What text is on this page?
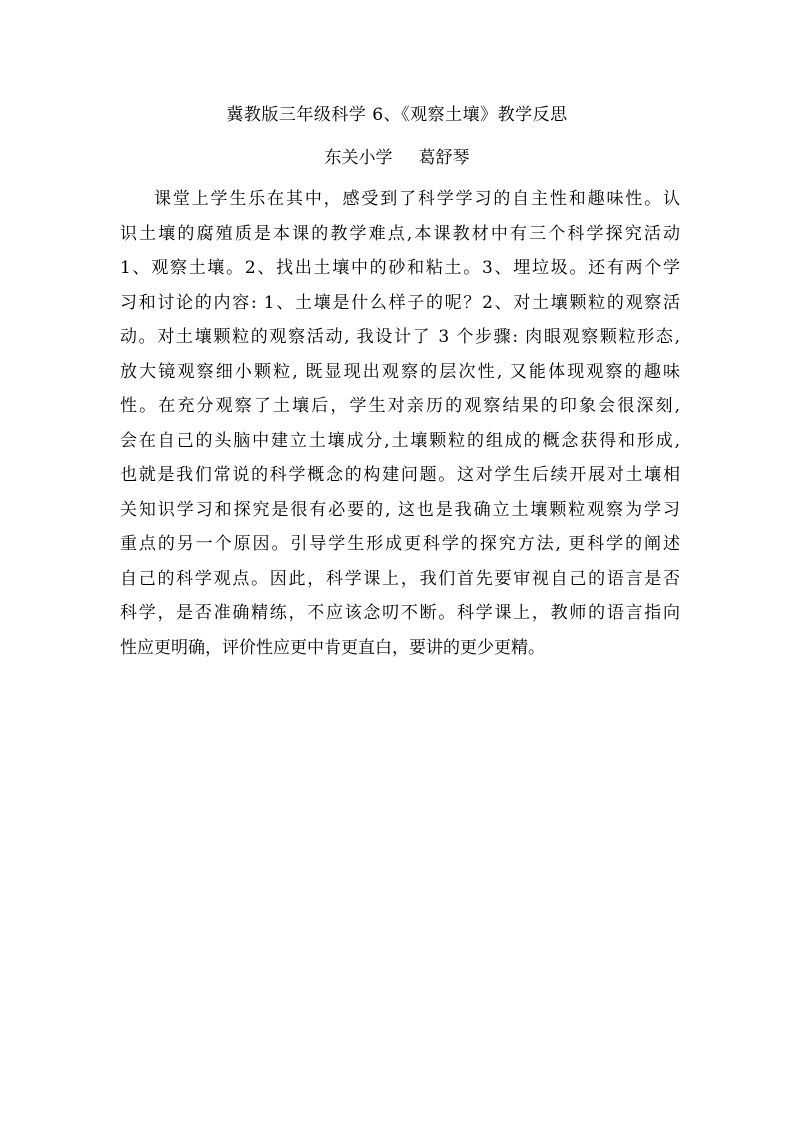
冀教版三年级科学 6、《观察土壤》教学反思
东关小学 葛舒琴
课堂上学生乐在其中，感受到了科学学习的自主性和趣味性。认
识土壤的腐殖质是本课的教学难点,本课教材中有三个科学探究活动
1、观察土壤。2、找出土壤中的砂和粘土。3、埋垃圾。还有两个学
习和讨论的内容: 1、土壤是什么样子的呢？2、对土壤颗粒的观察活
动。对土壤颗粒的观察活动, 我设计了 3 个步骤: 肉眼观察颗粒形态,
放大镜观察细小颗粒, 既显现出观察的层次性, 又能体现观察的趣味
性。在充分观察了土壤后，学生对亲历的观察结果的印象会很深刻,
会在自己的头脑中建立土壤成分,土壤颗粒的组成的概念获得和形成,
也就是我们常说的科学概念的构建问题。这对学生后续开展对土壤相
关知识学习和探究是很有必要的, 这也是我确立土壤颗粒观察为学习
重点的另一个原因。引导学生形成更科学的探究方法, 更科学的阐述
自己的科学观点。因此，科学课上，我们首先要审视自己的语言是否
科学，是否准确精练，不应该念叨不断。科学课上，教师的语言指向
性应更明确，评价性应更中肯更直白，要讲的更少更精。
